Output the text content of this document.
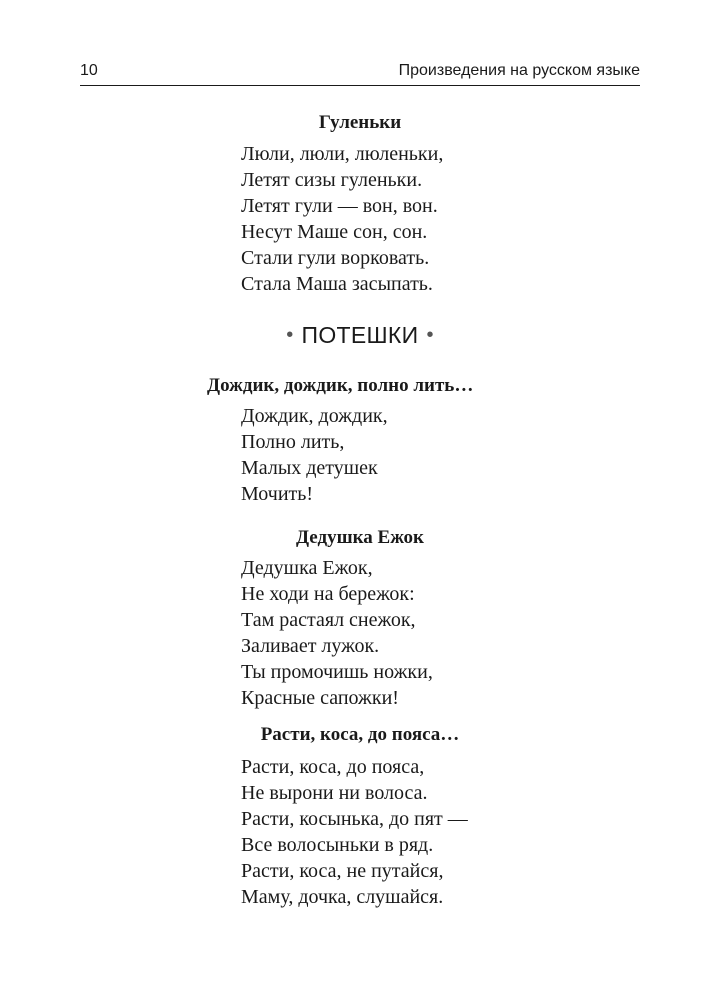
10	Произведения на русском языке
Гуленьки
Люли, люли, люленьки,
Летят сизы гуленьки.
Летят гули — вон, вон.
Несут Маше сон, сон.
Стали гули ворковать.
Стала Маша засыпать.
• ПОТЕШКИ •
Дождик, дождик, полно лить…
Дождик, дождик,
Полно лить,
Малых детушек
Мочить!
Дедушка Ежок
Дедушка Ежок,
Не ходи на бережок:
Там растаял снежок,
Заливает лужок.
Ты промочишь ножки,
Красные сапожки!
Расти, коса, до пояса…
Расти, коса, до пояса,
Не вырони ни волоса.
Расти, косынька, до пят —
Все волосыньки в ряд.
Расти, коса, не путайся,
Маму, дочка, слушайся.
